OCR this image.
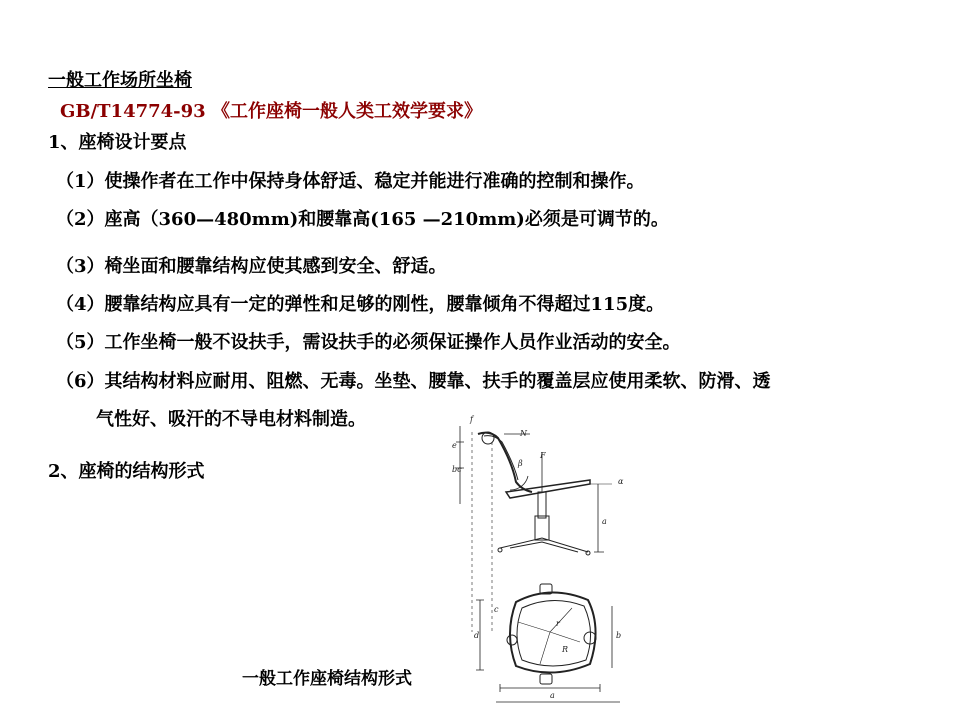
一般工作场所坐椅
GB/T14774-93 《工作座椅一般人类工效学要求》
1、座椅设计要点
（1）使操作者在工作中保持身体舒适、稳定并能进行准确的控制和操作。
（2）座高（360—480mm)和腰靠高(165 —210mm)必须是可调节的。
（3）椅坐面和腰靠结构应使其感到安全、舒适。
（4）腰靠结构应具有一定的弹性和足够的刚性，腰靠倾角不得超过115度。
（5）工作坐椅一般不设扶手，需设扶手的必须保证操作人员作业活动的安全。
（6）其结构材料应耐用、阻燃、无毒。坐垫、腰靠、扶手的覆盖层应使用柔软、防滑、透
气性好、吸汗的不导电材料制造。
2、座椅的结构形式
f
e
N
β
F
bc
α
a
c
d
r
b
R
a
一般工作座椅结构形式
